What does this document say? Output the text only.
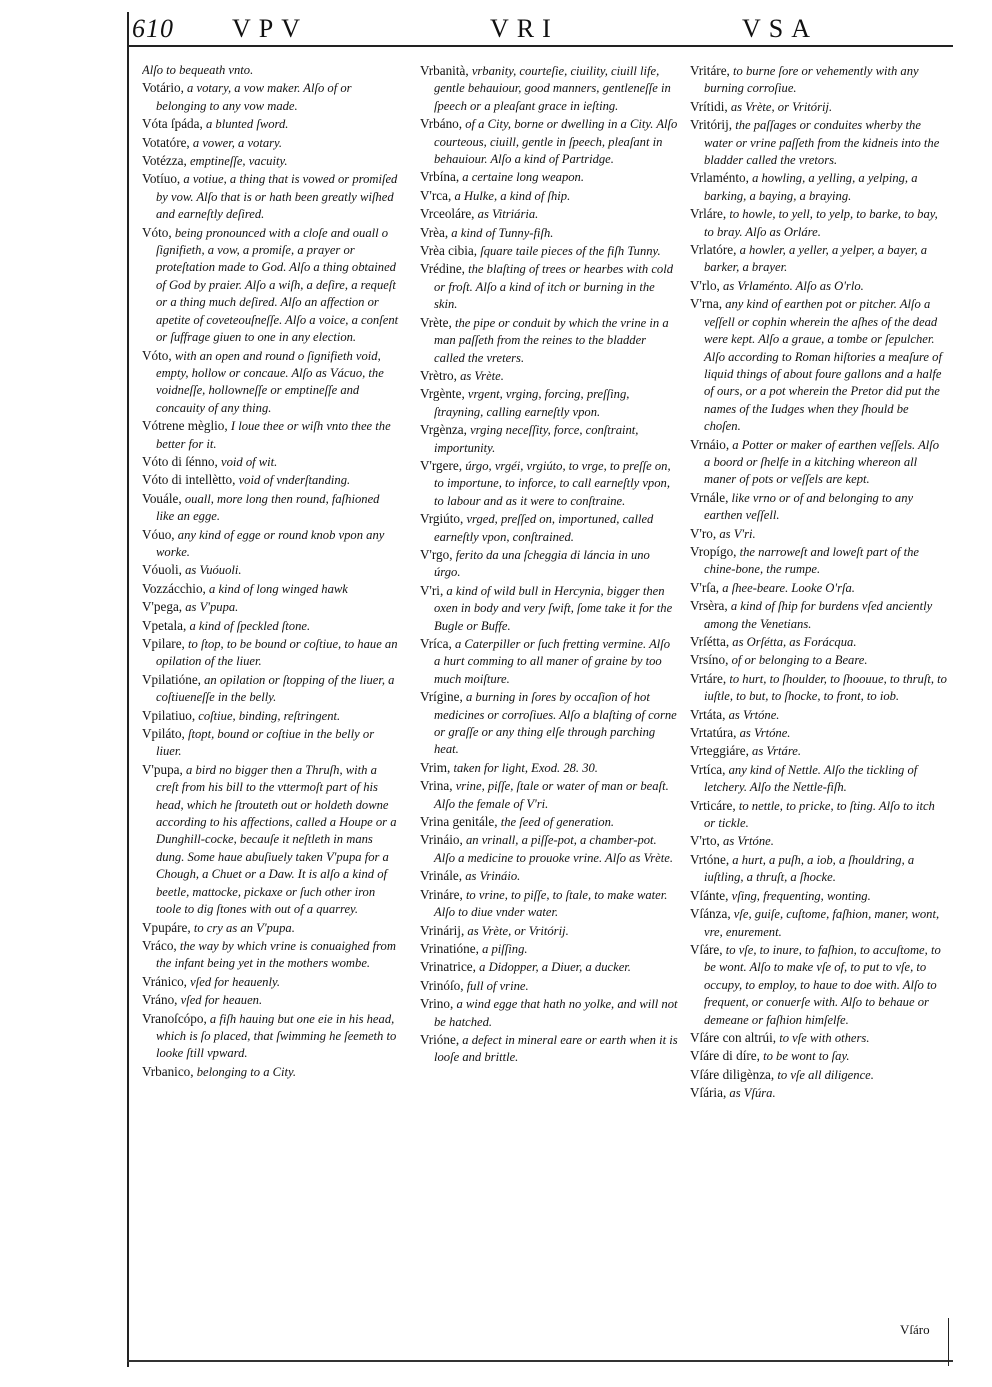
610 VPV	VRI	VSA

Alſo to bequeath vnto.

Votário, a votary, a vow maker. Alſo of or belonging to any vow made.

Vóta ſpáda, a blunted ſword.

Votatóre, a vower, a votary.

Votézza, emptineſſe, vacuity.

Votíuo, a votiue, a thing that is vowed or promiſed by vow. Alſo that is or hath been greatly wiſhed and earneſtly deſired.

Vóto, being pronounced with a cloſe and ouall o ſignifieth, a vow, a promiſe, a prayer or proteſtation made to God. Alſo a thing obtained of God by praier. Alſo a wiſh, a deſire, a requeſt or a thing much deſired. Alſo an affection or apetite of coveteouſneſſe. Alſo a voice, a conſent or ſuffrage giuen to one in any election.

Vóto, with an open and round o ſignifieth void, empty, hollow or concaue. Alſo as Vácuo, the voidneſſe, hollowneſſe or emptineſſe and concauity of any thing.

Vótrene mèglio, I loue thee or wiſh vnto thee the better for it.

Vóto di ſénno, void of wit.

Vóto di intellètto, void of vnderſtanding.

Vouále, ouall, more long then round, faſhioned like an egge.

Vóuo, any kind of egge or round knob vpon any worke.

Vóuoli, as Vuóuoli.

Vozzácchio, a kind of long winged hawk

V'pega, as V'pupa.

Vpetala, a kind of ſpeckled ſtone.

Vpilare, to ſtop, to be bound or coſtiue, to haue an opilation of the liuer.

Vpilatióne, an opilation or ſtopping of the liuer, a coſtiueneſſe in the belly.

Vpilatiuo, coſtiue, binding, reſtringent.

Vpiláto, ſtopt, bound or coſtiue in the belly or liuer.

V'pupa, a bird no bigger then a Thruſh, with a creſt from his bill to the vttermoſt part of his head, which he ſtrouteth out or holdeth downe according to his affections, called a Houpe or a Dunghill-cocke, becauſe it neſtleth in mans dung. Some haue abuſiuely taken V'pupa for a Chough, a Chuet or a Daw. It is alſo a kind of beetle, mattocke, pickaxe or ſuch other iron toole to dig ſtones with out of a quarrey.

Vpupáre, to cry as an V'pupa.

Vráco, the way by which vrine is conuaighed from the infant being yet in the mothers wombe.

Vránico, vſed for heauenly.

Vráno, vſed for heauen.

Vranoſcópo, a fiſh hauing but one eie in his head, which is ſo placed, that ſwimming he ſeemeth to looke ſtill vpward.

Vrbanico, belonging to a City.

Vrbanità, vrbanity, courteſie, ciuility, ciuill life, gentle behauiour, good manners, gentleneſſe in ſpeech or a pleaſant grace in ieſting.

Vrbáno, of a City, borne or dwelling in a City. Alſo courteous, ciuill, gentle in ſpeech, pleaſant in behauiour. Alſo a kind of Partridge.

Vrbína, a certaine long weapon.

V'rca, a Hulke, a kind of ſhip.

Vrceoláre, as Vitriária.

Vrèa, a kind of Tunny-fiſh.

Vrèa cibia, ſquare taile pieces of the fiſh Tunny.

Vrédine, the blaſting of trees or hearbes with cold or froſt. Alſo a kind of itch or burning in the skin.

Vrète, the pipe or conduit by which the vrine in a man paſſeth from the reines to the bladder called the vreters.

Vrètro, as Vrète.

Vrgènte, vrgent, vrging, forcing, preſſing, ſtrayning, calling earneſtly vpon.

Vrgènza, vrging neceſſity, force, conſtraint, importunity.

V'rgere, úrgo, vrgéi, vrgiúto, to vrge, to preſſe on, to importune, to inforce, to call earneſtly vpon, to labour and as it were to conſtraine.

Vrgiúto, vrged, preſſed on, importuned, called earneſtly vpon, conſtrained.

V'rgo, ferito da una ſcheggia di láncia in uno úrgo.

V'ri, a kind of wild bull in Hercynia, bigger then oxen in body and very ſwift, ſome take it for the Bugle or Buffe.

Vríca, a Caterpiller or ſuch fretting vermine. Alſo a hurt comming to all maner of graine by too much moiſture.

Vrígine, a burning in ſores by occaſion of hot medicines or corroſiues. Alſo a blaſting of corne or graſſe or any thing elſe through parching heat.

Vrim, taken for light, Exod. 28. 30.

Vrina, vrine, piſſe, ſtale or water of man or beaſt. Alſo the female of V'ri.

Vrina genitále, the ſeed of generation.

Vrináio, an vrinall, a piſſe-pot, a chamber-pot. Alſo a medicine to prouoke vrine. Alſo as Vrète.

Vrinále, as Vrináio.

Vrináre, to vrine, to piſſe, to ſtale, to make water. Alſo to diue vnder water.

Vrinárij, as Vrète, or Vritórij.

Vrinatióne, a piſſing.

Vrinatrice, a Didopper, a Diuer, a ducker.

Vrinóſo, full of vrine.

Vrino, a wind egge that hath no yolke, and will not be hatched.

Vrióne, a defect in mineral eare or earth when it is looſe and brittle.

Vritáre, to burne ſore or vehemently with any burning corroſiue.

Vrítidi, as Vrète, or Vritórij.

Vritórij, the paſſages or conduites wherby the water or vrine paſſeth from the kidneis into the bladder called the vretors.

Vrlaménto, a howling, a yelling, a yelping, a barking, a baying, a braying.

Vrláre, to howle, to yell, to yelp, to barke, to bay, to bray. Alſo as Orláre.

Vrlatóre, a howler, a yeller, a yelper, a bayer, a barker, a brayer.

V'rlo, as Vrlaménto. Alſo as O'rlo.

V'rna, any kind of earthen pot or pitcher. Alſo a veſſell or cophin wherein the aſhes of the dead were kept. Alſo a graue, a tombe or ſepulcher. Alſo according to Roman hiſtories a meaſure of liquid things of about foure gallons and a halfe of ours, or a pot wherein the Pretor did put the names of the Iudges when they ſhould be choſen.

Vrnáio, a Potter or maker of earthen veſſels. Alſo a boord or ſhelfe in a kitching whereon all maner of pots or veſſels are kept.

Vrnále, like vrno or of and belonging to any earthen veſſell.

V'ro, as V'ri.

Vropígo, the narroweſt and loweſt part of the chine-bone, the rumpe.

V'rſa, a ſhee-beare. Looke O'rſa.

Vrsèra, a kind of ſhip for burdens vſed anciently among the Venetians.

Vrſétta, as Orſétta, as Forácqua.

Vrsíno, of or belonging to a Beare.

Vrtáre, to hurt, to ſhoulder, to ſhoouue, to thruſt, to iuſtle, to but, to ſhocke, to front, to iob.

Vrtáta, as Vrtóne.

Vrtatúra, as Vrtóne.

Vrteggiáre, as Vrtáre.

Vrtíca, any kind of Nettle. Alſo the tickling of letchery. Alſo the Nettle-fiſh.

Vrticáre, to nettle, to pricke, to ſting. Alſo to itch or tickle.

V'rto, as Vrtóne.

Vrtóne, a hurt, a puſh, a iob, a ſhouldring, a iuſtling, a thruſt, a ſhocke.

Vſánte, vſing, frequenting, wonting.

Vſánza, vſe, guiſe, cuſtome, faſhion, maner, wont, vre, enurement.

Vſáre, to vſe, to inure, to faſhion, to accuſtome, to be wont. Alſo to make vſe of, to put to vſe, to occupy, to employ, to haue to doe with. Alſo to frequent, or conuerſe with. Alſo to behaue or demeane or faſhion himſelfe.

Vſáre con altrúi, to vſe with others.

Vſáre di díre, to be wont to ſay.

Vſáre diligènza, to vſe all diligence.

Vſária, as Vſúra.

Vſáro
